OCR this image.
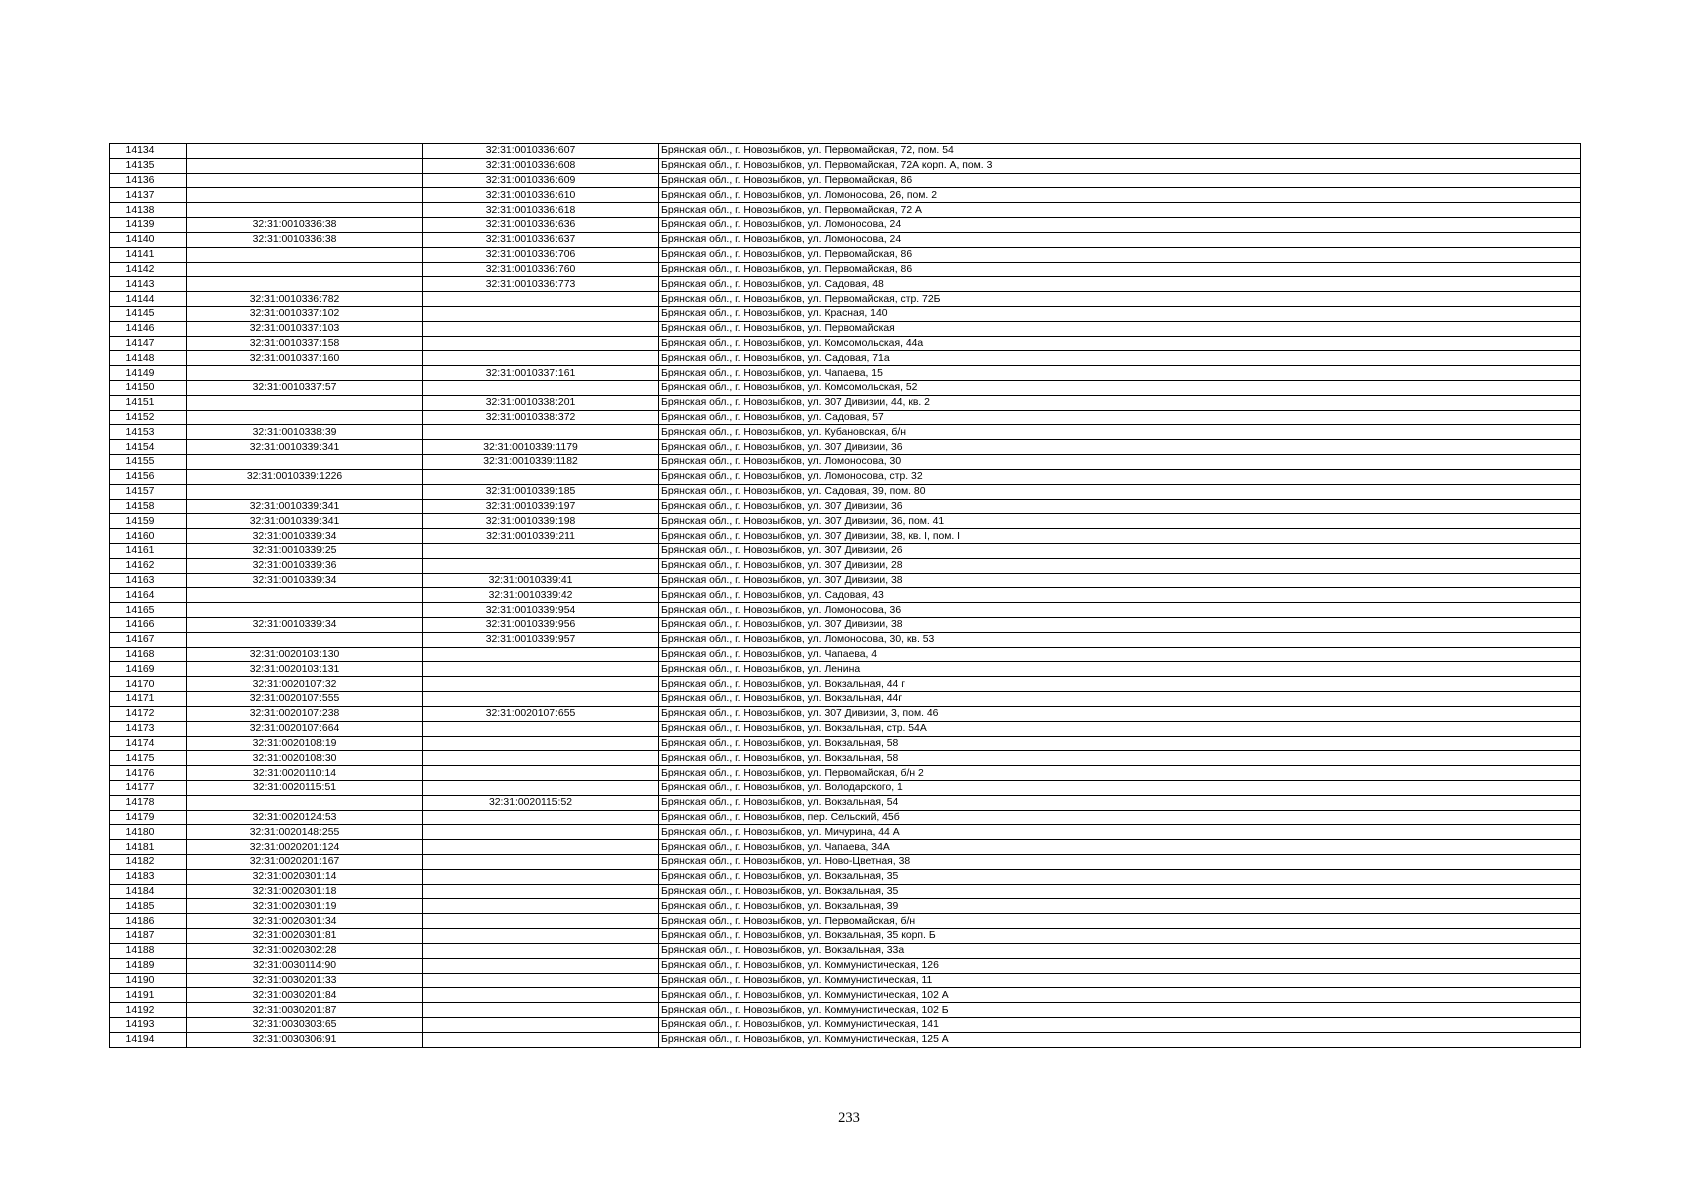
14134		32:31:0010336:607	Брянская обл., г. Новозыбков, ул. Первомайская, 72, пом. 54
14135		32:31:0010336:608	Брянская обл., г. Новозыбков, ул. Первомайская, 72А корп. А, пом. 3
14136		32:31:0010336:609	Брянская обл., г. Новозыбков, ул. Первомайская, 86
14137		32:31:0010336:610	Брянская обл., г. Новозыбков, ул. Ломоносова, 26, пом. 2
14138		32:31:0010336:618	Брянская обл., г. Новозыбков, ул. Первомайская, 72 А
14139	32:31:0010336:38	32:31:0010336:636	Брянская обл., г. Новозыбков, ул. Ломоносова, 24
14140	32:31:0010336:38	32:31:0010336:637	Брянская обл., г. Новозыбков, ул. Ломоносова, 24
14141		32:31:0010336:706	Брянская обл., г. Новозыбков, ул. Первомайская, 86
14142		32:31:0010336:760	Брянская обл., г. Новозыбков, ул. Первомайская, 86
14143		32:31:0010336:773	Брянская обл., г. Новозыбков, ул. Садовая, 48
14144	32:31:0010336:782		Брянская обл., г. Новозыбков, ул. Первомайская, стр. 72Б
14145	32:31:0010337:102		Брянская обл., г. Новозыбков, ул. Красная, 140
14146	32:31:0010337:103		Брянская обл., г. Новозыбков, ул. Первомайская
14147	32:31:0010337:158		Брянская обл., г. Новозыбков, ул. Комсомольская, 44а
14148	32:31:0010337:160		Брянская обл., г. Новозыбков, ул. Садовая, 71а
14149		32:31:0010337:161	Брянская обл., г. Новозыбков, ул. Чапаева, 15
14150	32:31:0010337:57		Брянская обл., г. Новозыбков, ул. Комсомольская, 52
14151		32:31:0010338:201	Брянская обл., г. Новозыбков, ул. 307 Дивизии, 44, кв. 2
14152		32:31:0010338:372	Брянская обл., г. Новозыбков, ул. Садовая, 57
14153	32:31:0010338:39		Брянская обл., г. Новозыбков, ул. Кубановская, б/н
14154	32:31:0010339:341	32:31:0010339:1179	Брянская обл., г. Новозыбков, ул. 307 Дивизии, 36
14155		32:31:0010339:1182	Брянская обл., г. Новозыбков, ул. Ломоносова, 30
14156	32:31:0010339:1226		Брянская обл., г. Новозыбков, ул. Ломоносова, стр. 32
14157		32:31:0010339:185	Брянская обл., г. Новозыбков, ул. Садовая, 39, пом. 80
14158	32:31:0010339:341	32:31:0010339:197	Брянская обл., г. Новозыбков, ул. 307 Дивизии, 36
14159	32:31:0010339:341	32:31:0010339:198	Брянская обл., г. Новозыбков, ул. 307 Дивизии, 36, пом. 41
14160	32:31:0010339:34	32:31:0010339:211	Брянская обл., г. Новозыбков, ул. 307 Дивизии, 38, кв. I, пом. I
14161	32:31:0010339:25		Брянская обл., г. Новозыбков, ул. 307 Дивизии, 26
14162	32:31:0010339:36		Брянская обл., г. Новозыбков, ул. 307 Дивизии, 28
14163	32:31:0010339:34	32:31:0010339:41	Брянская обл., г. Новозыбков, ул. 307 Дивизии, 38
14164		32:31:0010339:42	Брянская обл., г. Новозыбков, ул. Садовая, 43
14165		32:31:0010339:954	Брянская обл., г. Новозыбков, ул. Ломоносова, 36
14166	32:31:0010339:34	32:31:0010339:956	Брянская обл., г. Новозыбков, ул. 307 Дивизии, 38
14167		32:31:0010339:957	Брянская обл., г. Новозыбков, ул. Ломоносова, 30, кв. 53
14168	32:31:0020103:130		Брянская обл., г. Новозыбков, ул. Чапаева, 4
14169	32:31:0020103:131		Брянская обл., г. Новозыбков, ул. Ленина
14170	32:31:0020107:32		Брянская обл., г. Новозыбков, ул. Вокзальная, 44 г
14171	32:31:0020107:555		Брянская обл., г. Новозыбков, ул. Вокзальная, 44г
14172	32:31:0020107:238	32:31:0020107:655	Брянская обл., г. Новозыбков, ул. 307 Дивизии, 3, пом. 46
14173	32:31:0020107:664		Брянская обл., г. Новозыбков, ул. Вокзальная, стр. 54А
14174	32:31:0020108:19		Брянская обл., г. Новозыбков, ул. Вокзальная, 58
14175	32:31:0020108:30		Брянская обл., г. Новозыбков, ул. Вокзальная, 58
14176	32:31:0020110:14		Брянская обл., г. Новозыбков, ул. Первомайская, б/н 2
14177	32:31:0020115:51		Брянская обл., г. Новозыбков, ул. Володарского, 1
14178		32:31:0020115:52	Брянская обл., г. Новозыбков, ул. Вокзальная, 54
14179	32:31:0020124:53		Брянская обл., г. Новозыбков, пер. Сельский, 45б
14180	32:31:0020148:255		Брянская обл., г. Новозыбков, ул. Мичурина, 44 А
14181	32:31:0020201:124		Брянская обл., г. Новозыбков, ул. Чапаева, 34А
14182	32:31:0020201:167		Брянская обл., г. Новозыбков, ул. Ново-Цветная, 38
14183	32:31:0020301:14		Брянская обл., г. Новозыбков, ул. Вокзальная, 35
14184	32:31:0020301:18		Брянская обл., г. Новозыбков, ул. Вокзальная, 35
14185	32:31:0020301:19		Брянская обл., г. Новозыбков, ул. Вокзальная, 39
14186	32:31:0020301:34		Брянская обл., г. Новозыбков, ул. Первомайская, б/н
14187	32:31:0020301:81		Брянская обл., г. Новозыбков, ул. Вокзальная, 35 корп. Б
14188	32:31:0020302:28		Брянская обл., г. Новозыбков, ул. Вокзальная, 33а
14189	32:31:0030114:90		Брянская обл., г. Новозыбков, ул. Коммунистическая, 126
14190	32:31:0030201:33		Брянская обл., г. Новозыбков, ул. Коммунистическая, 11
14191	32:31:0030201:84		Брянская обл., г. Новозыбков, ул. Коммунистическая, 102 А
14192	32:31:0030201:87		Брянская обл., г. Новозыбков, ул. Коммунистическая, 102 Б
14193	32:31:0030303:65		Брянская обл., г. Новозыбков, ул. Коммунистическая, 141
14194	32:31:0030306:91		Брянская обл., г. Новозыбков, ул. Коммунистическая, 125 А
233
